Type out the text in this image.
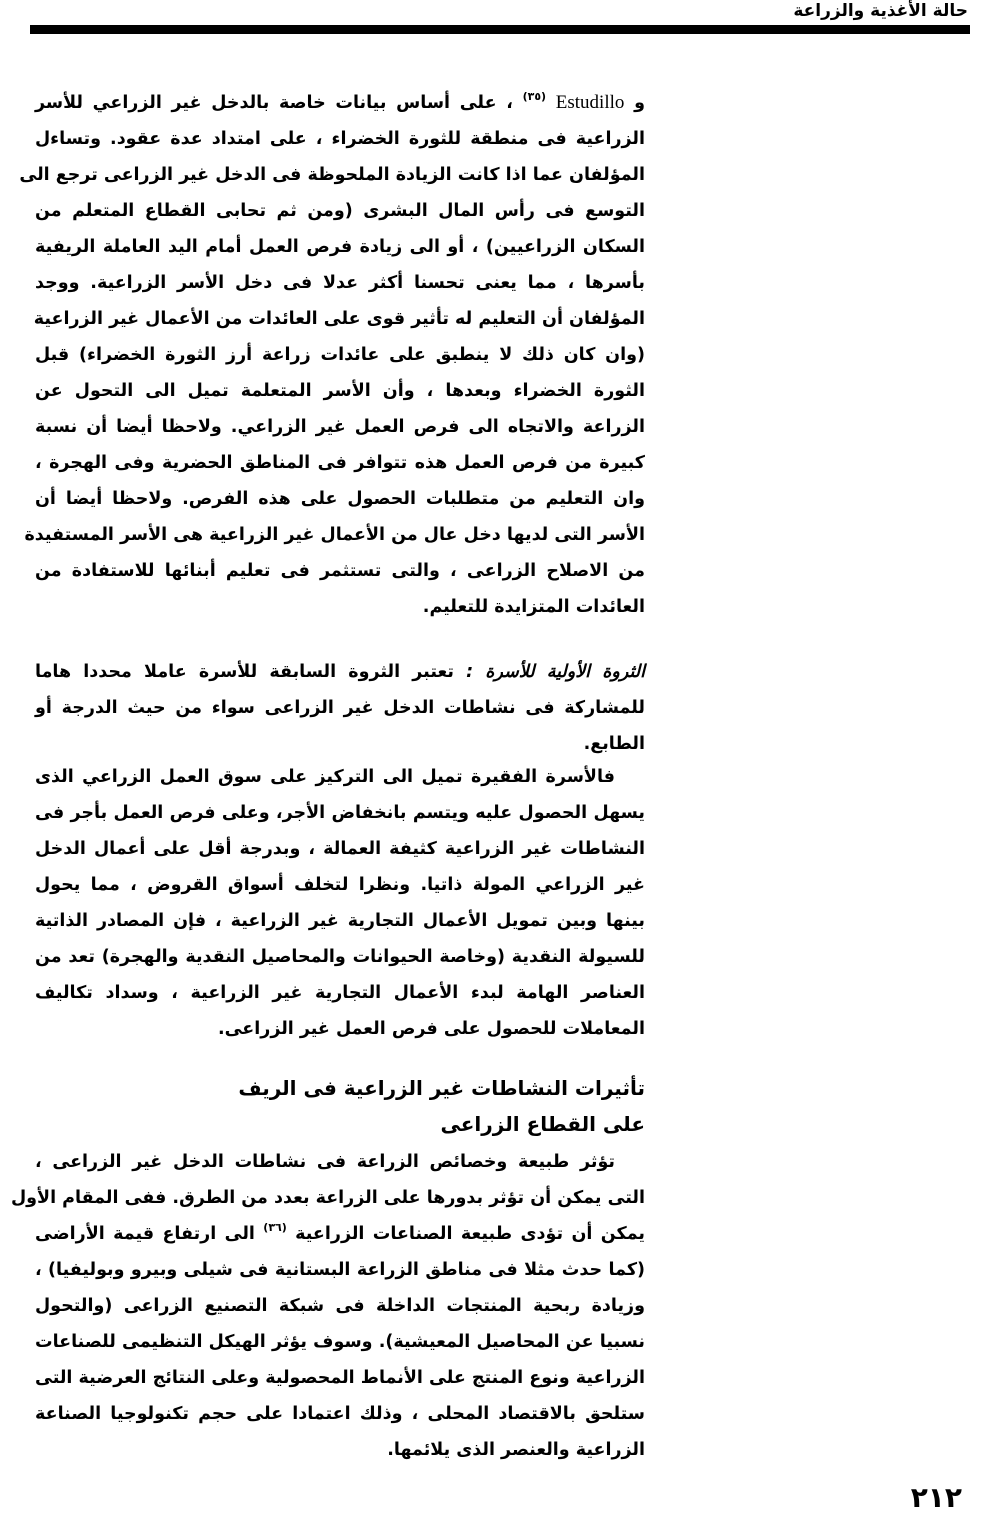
حالة الأغذية والزراعة
و Estudillo $^{(٣٥)}$ ، على أساس بيانات خاصة بالدخل غير الزراعي للأسر
الزراعية فى منطقة للثورة الخضراء ، على امتداد عدة عقود. وتساءل
المؤلفان عما اذا كانت الزيادة الملحوظة فى الدخل غير الزراعى ترجع الى
التوسع فى رأس المال البشرى (ومن ثم تحابى القطاع المتعلم من
السكان الزراعيين) ، أو الى زيادة فرص العمل أمام اليد العاملة الريفية
بأسرها ، مما يعنى تحسنا أكثر عدلا فى دخل الأسر الزراعية. ووجد
المؤلفان أن التعليم له تأثير قوى على العائدات من الأعمال غير الزراعية
(وان كان ذلك لا ينطبق على عائدات زراعة أرز الثورة الخضراء) قبل
الثورة الخضراء وبعدها ، وأن الأسر المتعلمة تميل الى التحول عن
الزراعة والاتجاه الى فرص العمل غير الزراعي. ولاحظا أيضا أن نسبة
كبيرة من فرص العمل هذه تتوافر فى المناطق الحضرية وفى الهجرة ،
وان التعليم من متطلبات الحصول على هذه الفرص. ولاحظا أيضا أن
الأسر التى لديها دخل عال من الأعمال غير الزراعية هى الأسر المستفيدة
من الاصلاح الزراعى ، والتى تستثمر فى تعليم أبنائها للاستفادة من
العائدات المتزايدة للتعليم.
الثروة الأولية للأسرة : تعتبر الثروة السابقة للأسرة عاملا محددا هاما
للمشاركة فى نشاطات الدخل غير الزراعى سواء من حيث الدرجة أو
الطابع.
فالأسرة الفقيرة تميل الى التركيز على سوق العمل الزراعي الذى
يسهل الحصول عليه ويتسم بانخفاض الأجر، وعلى فرص العمل بأجر فى
النشاطات غير الزراعية كثيفة العمالة ، وبدرجة أقل على أعمال الدخل
غير الزراعي المولة ذاتيا. ونظرا لتخلف أسواق القروض ، مما يحول
بينها وبين تمويل الأعمال التجارية غير الزراعية ، فإن المصادر الذاتية
للسيولة النقدية (وخاصة الحيوانات والمحاصيل النقدية والهجرة) تعد من
العناصر الهامة لبدء الأعمال التجارية غير الزراعية ، وسداد تكاليف
المعاملات للحصول على فرص العمل غير الزراعى.
تأثيرات النشاطات غير الزراعية فى الريف
على القطاع الزراعى
تؤثر طبيعة وخصائص الزراعة فى نشاطات الدخل غير الزراعى ،
التى يمكن أن تؤثر بدورها على الزراعة بعدد من الطرق. ففى المقام الأول
يمكن أن تؤدى طبيعة الصناعات الزراعية $^{(٣٦)}$ الى ارتفاع قيمة الأراضى
(كما حدث مثلا فى مناطق الزراعة البستانية فى شيلى وبيرو وبوليفيا) ،
وزيادة ربحية المنتجات الداخلة فى شبكة التصنيع الزراعى (والتحول
نسبيا عن المحاصيل المعيشية). وسوف يؤثر الهيكل التنظيمى للصناعات
الزراعية ونوع المنتج على الأنماط المحصولية وعلى النتائج العرضية التى
ستلحق بالاقتصاد المحلى ، وذلك اعتمادا على حجم تكنولوجيا الصناعة
الزراعية والعنصر الذى يلائمها.
٢١٢
